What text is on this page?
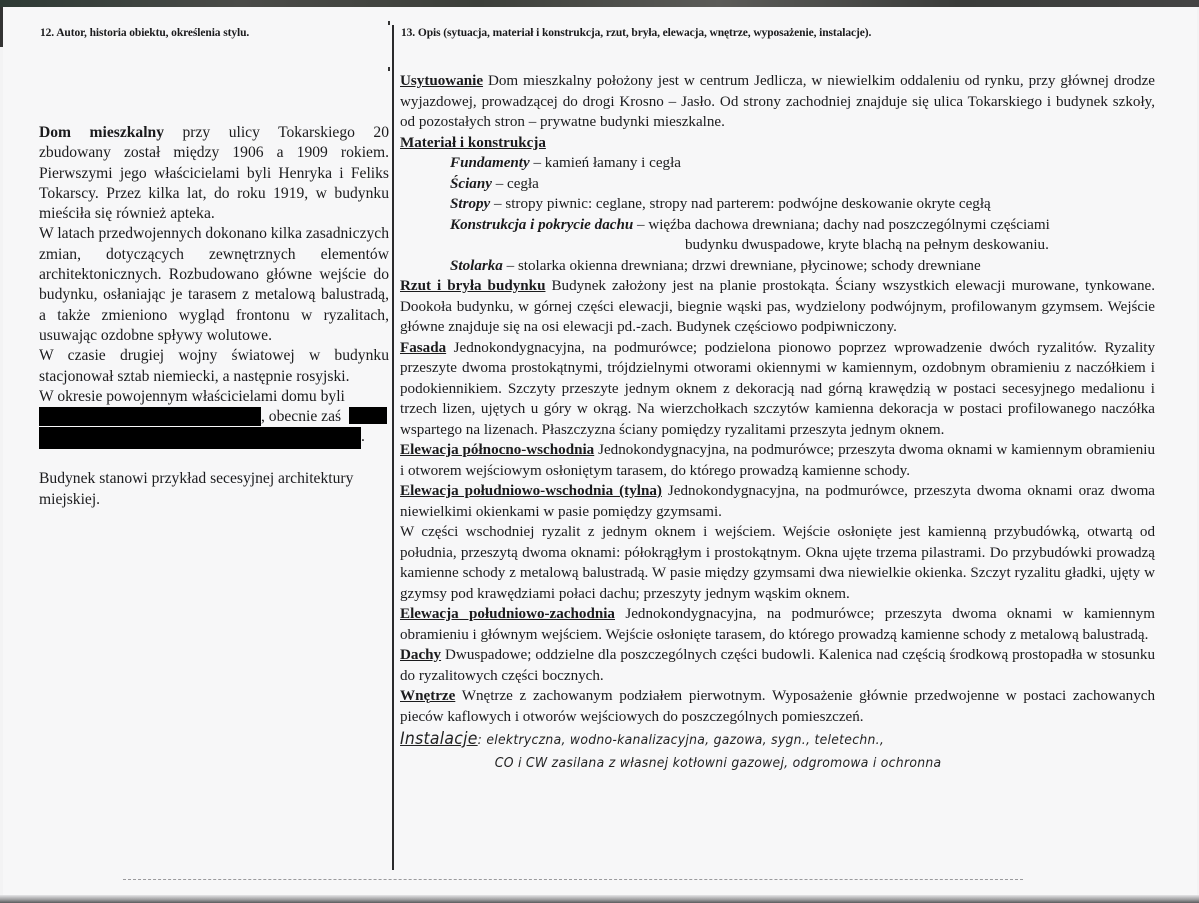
12. Autor, historia obiektu, określenia stylu.	13. Opis (sytuacja, materiał i konstrukcja, rzut, bryła, elewacja, wnętrze, wyposażenie, instalacje).

Dom mieszkalny przy ulicy Tokarskiego 20 zbudowany został między 1906 a 1909 rokiem. Pierwszymi jego właścicielami byli Henryka i Feliks Tokarscy. Przez kilka lat, do roku 1919, w budynku mieściła się również apteka.

W latach przedwojennych dokonano kilka zasadniczych zmian, dotyczących zewnętrznych elementów architektonicznych. Rozbudowano główne wejście do budynku, osłaniając je tarasem z metalową balustradą, a także zmieniono wygląd frontonu w ryzalitach, usuwając ozdobne spływy wolutowe.

W czasie drugiej wojny światowej w budynku stacjonował sztab niemiecki, a następnie rosyjski.

W okresie powojennym właścicielami domu byli
, obecnie zaś
.

Budynek stanowi przykład secesyjnej architektury miejskiej.

Usytuowanie Dom mieszkalny położony jest w centrum Jedlicza, w niewielkim oddaleniu od rynku, przy głównej drodze wyjazdowej, prowadzącej do drogi Krosno – Jasło. Od strony zachodniej znajduje się ulica Tokarskiego i budynek szkoły, od pozostałych stron – prywatne budynki mieszkalne.

Materiał i konstrukcja

Fundamenty – kamień łamany i cegła

Ściany – cegła

Stropy – stropy piwnic: ceglane, stropy nad parterem: podwójne deskowanie okryte cegłą

Konstrukcja i pokrycie dachu – więźba dachowa drewniana; dachy nad poszczególnymi częściami

budynku dwuspadowe, kryte blachą na pełnym deskowaniu.

Stolarka – stolarka okienna drewniana; drzwi drewniane, płycinowe; schody drewniane

Rzut i bryła budynku Budynek założony jest na planie prostokąta. Ściany wszystkich elewacji murowane, tynkowane. Dookoła budynku, w górnej części elewacji, biegnie wąski pas, wydzielony podwójnym, profilowanym gzymsem. Wejście główne znajduje się na osi elewacji pd.-zach. Budynek częściowo podpiwniczony.

Fasada Jednokondygnacyjna, na podmurówce; podzielona pionowo poprzez wprowadzenie dwóch ryzalitów. Ryzality przeszyte dwoma prostokątnymi, trójdzielnymi otworami okiennymi w kamiennym, ozdobnym obramieniu z naczółkiem i podokiennikiem. Szczyty przeszyte jednym oknem z dekoracją nad górną krawędzią w postaci secesyjnego medalionu i trzech lizen, ujętych u góry w okrąg. Na wierzchołkach szczytów kamienna dekoracja w postaci profilowanego naczółka wspartego na lizenach. Płaszczyzna ściany pomiędzy ryzalitami przeszyta jednym oknem.

Elewacja północno-wschodnia Jednokondygnacyjna, na podmurówce; przeszyta dwoma oknami w kamiennym obramieniu i otworem wejściowym osłoniętym tarasem, do którego prowadzą kamienne schody.

Elewacja południowo-wschodnia (tylna) Jednokondygnacyjna, na podmurówce, przeszyta dwoma oknami oraz dwoma niewielkimi okienkami w pasie pomiędzy gzymsami.

W części wschodniej ryzalit z jednym oknem i wejściem. Wejście osłonięte jest kamienną przybudówką, otwartą od południa, przeszytą dwoma oknami: półokrągłym i prostokątnym. Okna ujęte trzema pilastrami. Do przybudówki prowadzą kamienne schody z metalową balustradą. W pasie między gzymsami dwa niewielkie okienka. Szczyt ryzalitu gładki, ujęty w gzymsy pod krawędziami połaci dachu; przeszyty jednym wąskim oknem.

Elewacja południowo-zachodnia Jednokondygnacyjna, na podmurówce; przeszyta dwoma oknami w kamiennym obramieniu i głównym wejściem. Wejście osłonięte tarasem, do którego prowadzą kamienne schody z metalową balustradą.

Dachy Dwuspadowe; oddzielne dla poszczególnych części budowli. Kalenica nad częścią środkową prostopadła w stosunku do ryzalitowych części bocznych.

Wnętrze Wnętrze z zachowanym podziałem pierwotnym. Wyposażenie głównie przedwojenne w postaci zachowanych pieców kaflowych i otworów wejściowych do poszczególnych pomieszczeń.

Instalacje: elektryczna, wodno-kanalizacyjna, gazowa, sygn., teletechn.,
CO i CW zasilana z własnej kotłowni gazowej, odgromowa i ochronna
